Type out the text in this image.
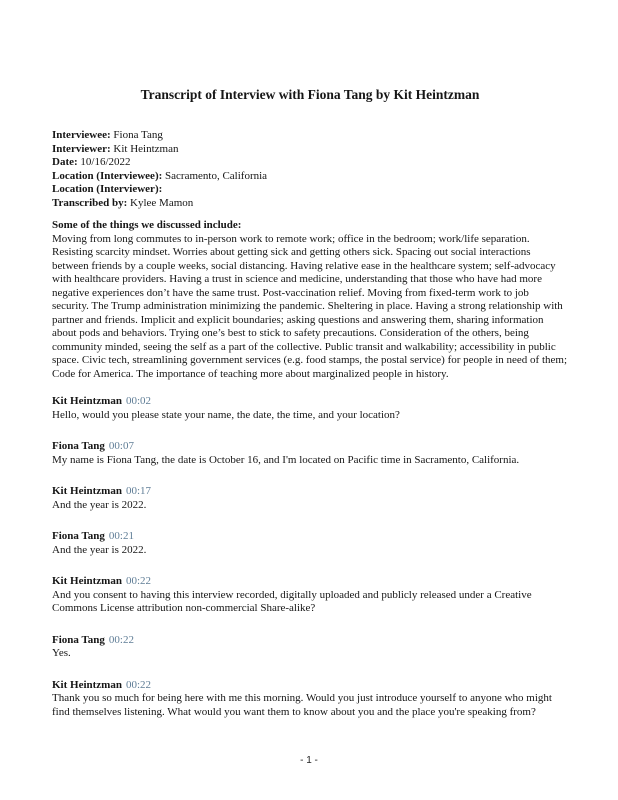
Transcript of Interview with Fiona Tang by Kit Heintzman
Interviewee: Fiona Tang
Interviewer: Kit Heintzman
Date: 10/16/2022
Location (Interviewee): Sacramento, California
Location (Interviewer):
Transcribed by: Kylee Mamon
Some of the things we discussed include:
Moving from long commutes to in-person work to remote work; office in the bedroom; work/life separation. Resisting scarcity mindset. Worries about getting sick and getting others sick. Spacing out social interactions between friends by a couple weeks, social distancing. Having relative ease in the healthcare system; self-advocacy with healthcare providers. Having a trust in science and medicine, understanding that those who have had more negative experiences don’t have the same trust. Post-vaccination relief. Moving from fixed-term work to job security. The Trump administration minimizing the pandemic. Sheltering in place. Having a strong relationship with partner and friends. Implicit and explicit boundaries; asking questions and answering them, sharing information about pods and behaviors. Trying one’s best to stick to safety precautions. Consideration of the others, being community minded, seeing the self as a part of the collective. Public transit and walkability; accessibility in public space. Civic tech, streamlining government services (e.g. food stamps, the postal service) for people in need of them; Code for America. The importance of teaching more about marginalized people in history.
Kit Heintzman 00:02
Hello, would you please state your name, the date, the time, and your location?
Fiona Tang 00:07
My name is Fiona Tang, the date is October 16, and I'm located on Pacific time in Sacramento, California.
Kit Heintzman 00:17
And the year is 2022.
Fiona Tang 00:21
And the year is 2022.
Kit Heintzman 00:22
And you consent to having this interview recorded, digitally uploaded and publicly released under a Creative Commons License attribution non-commercial Share-alike?
Fiona Tang 00:22
Yes.
Kit Heintzman 00:22
Thank you so much for being here with me this morning. Would you just introduce yourself to anyone who might find themselves listening. What would you want them to know about you and the place you're speaking from?
- 1 -
